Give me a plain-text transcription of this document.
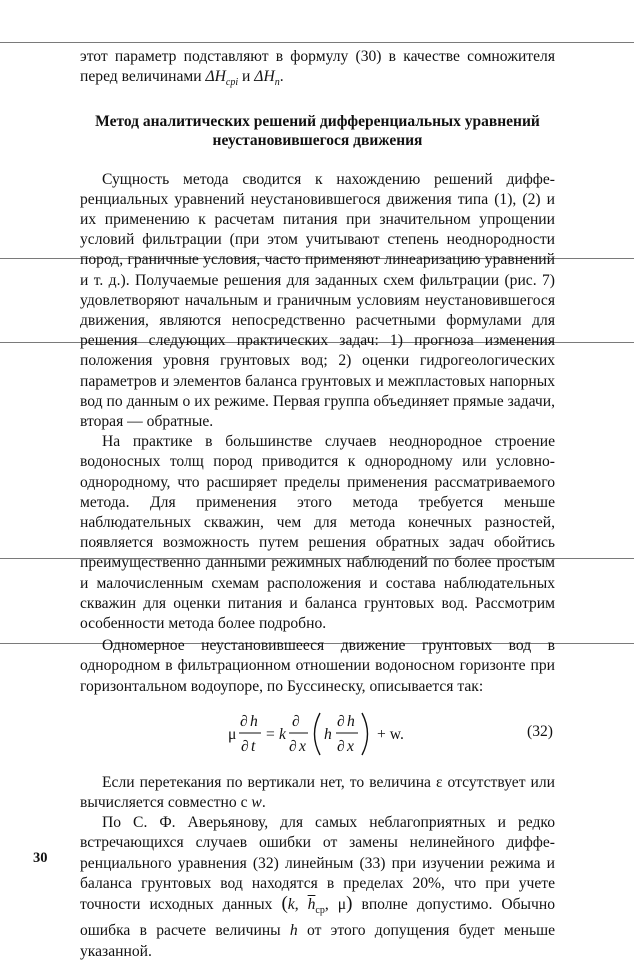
этот параметр подставляют в формулу (30) в качестве сомножителя перед величинами $\Delta H_{cpi}$ и $\Delta H_n$.

Метод аналитических решений дифференциальных уравнений
неустановившегося движения

Сущность метода сводится к нахождению решений дифференциальных уравнений неустановившегося движения типа (1), (2) и их применению к расчетам питания при значительном упрощении условий фильтрации (при этом учитывают степень неоднородности пород, граничные условия, часто применяют линеаризацию уравнений и т. д.). Получаемые решения для заданных схем фильтрации (рис. 7) удовлетворяют начальным и граничным условиям неустановившегося движения, являются непосредственно расчетными формулами для решения следующих практических задач: 1) прогноза изменения положения уровня грунтовых вод; 2) оценки гидрогеологических параметров и элементов баланса грунтовых и межпластовых напорных вод по данным о их режиме. Первая группа объединяет прямые задачи, вторая — обратные.

На практике в большинстве случаев неоднородное строение водоносных толщ пород приводится к однородному или условно-однородному, что расширяет пределы применения рассматриваемого метода. Для применения этого метода требуется меньше наблюдательных скважин, чем для метода конечных разностей, появляется возможность путем решения обратных задач обойтись преимущественно данными режимных наблюдений по более простым и малочисленным схемам расположения и состава наблюдательных скважин для оценки питания и баланса грунтовых вод. Рассмотрим особенности метода более подробно.

Одномерное неустановившееся движение грунтовых вод в однородном в фильтрационном отношении водоносном горизонте при горизонтальном водоупоре, по Буссинеску, описывается так:

μ
∂ h
∂ t
= k
∂
∂ x
h
∂ h
∂ x
+ w.	(32)

Если перетекания по вертикали нет, то величина ε отсутствует или вычисляется совместно с w.

По С. Ф. Аверьянову, для самых неблагоприятных и редко встречающихся случаев ошибки от замены нелинейного дифференциального уравнения (32) линейным (33) при изучении режима и баланса грунтовых вод находятся в пределах 20%, что при учете точности исходных данных (k, $\overline{h}_{cp}$, μ) вполне допустимо. Обычно ошибка в расчете величины h от этого допущения будет меньше указанной.

30
